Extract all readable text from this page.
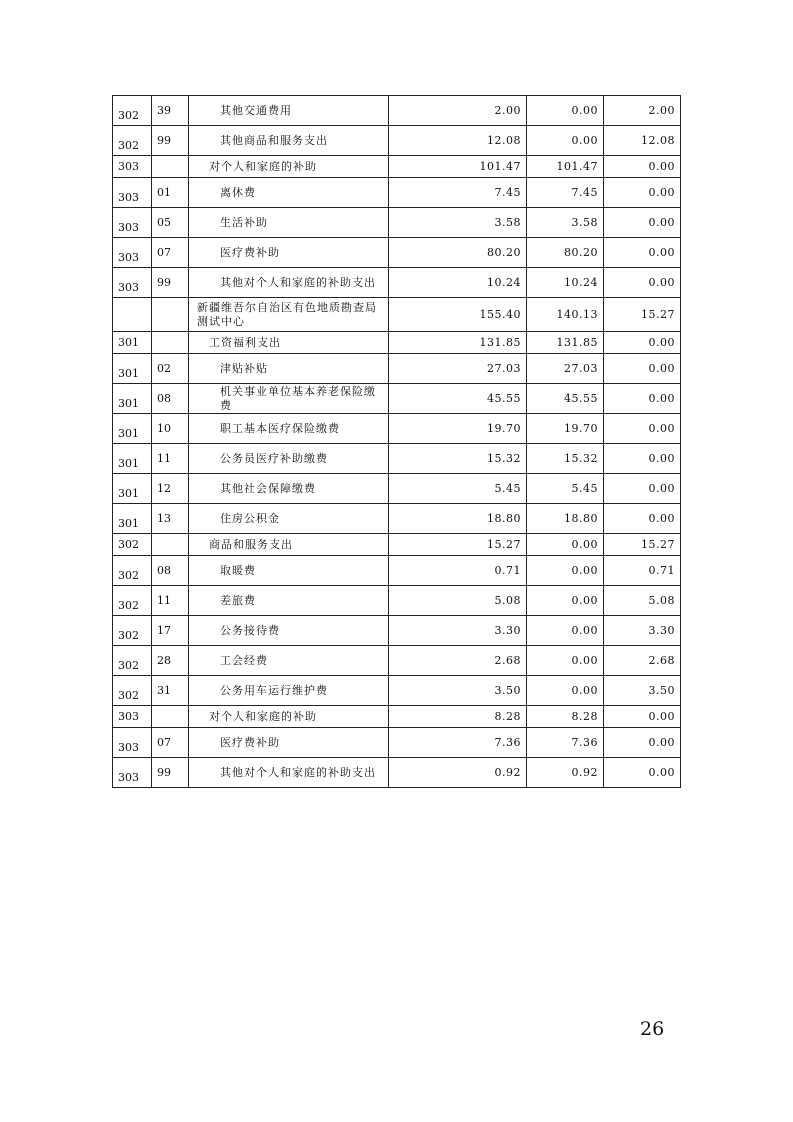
302	39	其他交通费用	2.00	0.00	2.00
302	99	其他商品和服务支出	12.08	0.00	12.08
303		对个人和家庭的补助	101.47	101.47	0.00
303	01	离休费	7.45	7.45	0.00
303	05	生活补助	3.58	3.58	0.00
303	07	医疗费补助	80.20	80.20	0.00
303	99	其他对个人和家庭的补助支出	10.24	10.24	0.00
		新疆维吾尔自治区有色地质勘查局测试中心	155.40	140.13	15.27
301		工资福利支出	131.85	131.85	0.00
301	02	津贴补贴	27.03	27.03	0.00
301	08	机关事业单位基本养老保险缴费	45.55	45.55	0.00
301	10	职工基本医疗保险缴费	19.70	19.70	0.00
301	11	公务员医疗补助缴费	15.32	15.32	0.00
301	12	其他社会保障缴费	5.45	5.45	0.00
301	13	住房公积金	18.80	18.80	0.00
302		商品和服务支出	15.27	0.00	15.27
302	08	取暖费	0.71	0.00	0.71
302	11	差旅费	5.08	0.00	5.08
302	17	公务接待费	3.30	0.00	3.30
302	28	工会经费	2.68	0.00	2.68
302	31	公务用车运行维护费	3.50	0.00	3.50
303		对个人和家庭的补助	8.28	8.28	0.00
303	07	医疗费补助	7.36	7.36	0.00
303	99	其他对个人和家庭的补助支出	0.92	0.92	0.00
26
